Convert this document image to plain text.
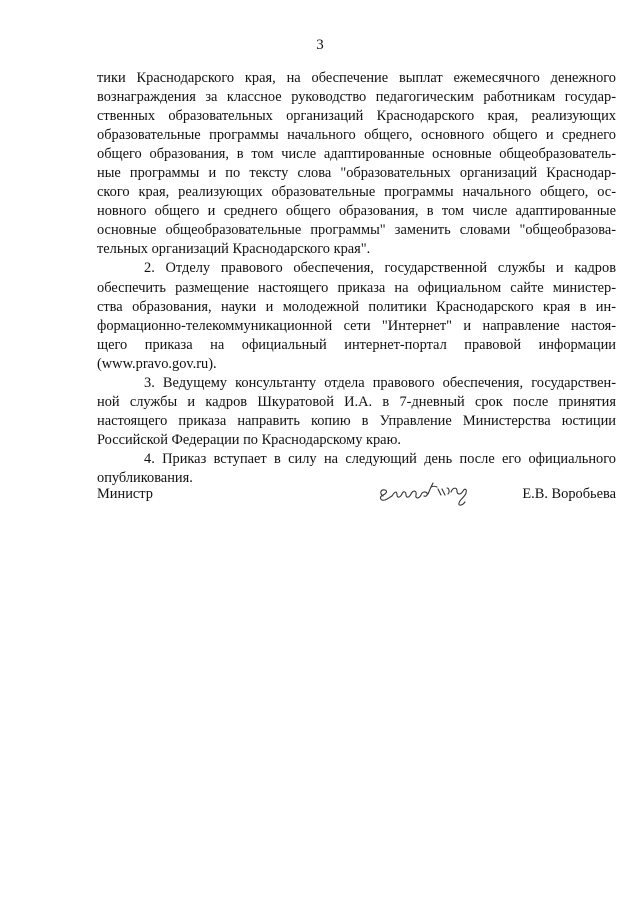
3
тики Краснодарского края, на обеспечение выплат ежемесячного денежного
вознаграждения за классное руководство педагогическим работникам государ-
ственных образовательных организаций Краснодарского края, реализующих
образовательные программы начального общего, основного общего и среднего
общего образования, в том числе адаптированные основные общеобразователь-
ные программы и по тексту слова "образовательных организаций Краснодар-
ского края, реализующих образовательные программы начального общего, ос-
новного общего и среднего общего образования, в том числе адаптированные
основные общеобразовательные программы" заменить словами "общеобразова-
тельных организаций Краснодарского края".
2. Отделу правового обеспечения, государственной службы и кадров
обеспечить размещение настоящего приказа на официальном сайте министер-
ства образования, науки и молодежной политики Краснодарского края в ин-
формационно-телекоммуникационной сети "Интернет" и направление настоя-
щего приказа на официальный интернет-портал правовой информации
(www.pravo.gov.ru).
3. Ведущему консультанту отдела правового обеспечения, государствен-
ной службы и кадров Шкуратовой И.А. в 7-дневный срок после принятия
настоящего приказа направить копию в Управление Министерства юстиции
Российской Федерации по Краснодарскому краю.
4. Приказ вступает в силу на следующий день после его официального
опубликования.
Министр	Е.В. Воробьева
